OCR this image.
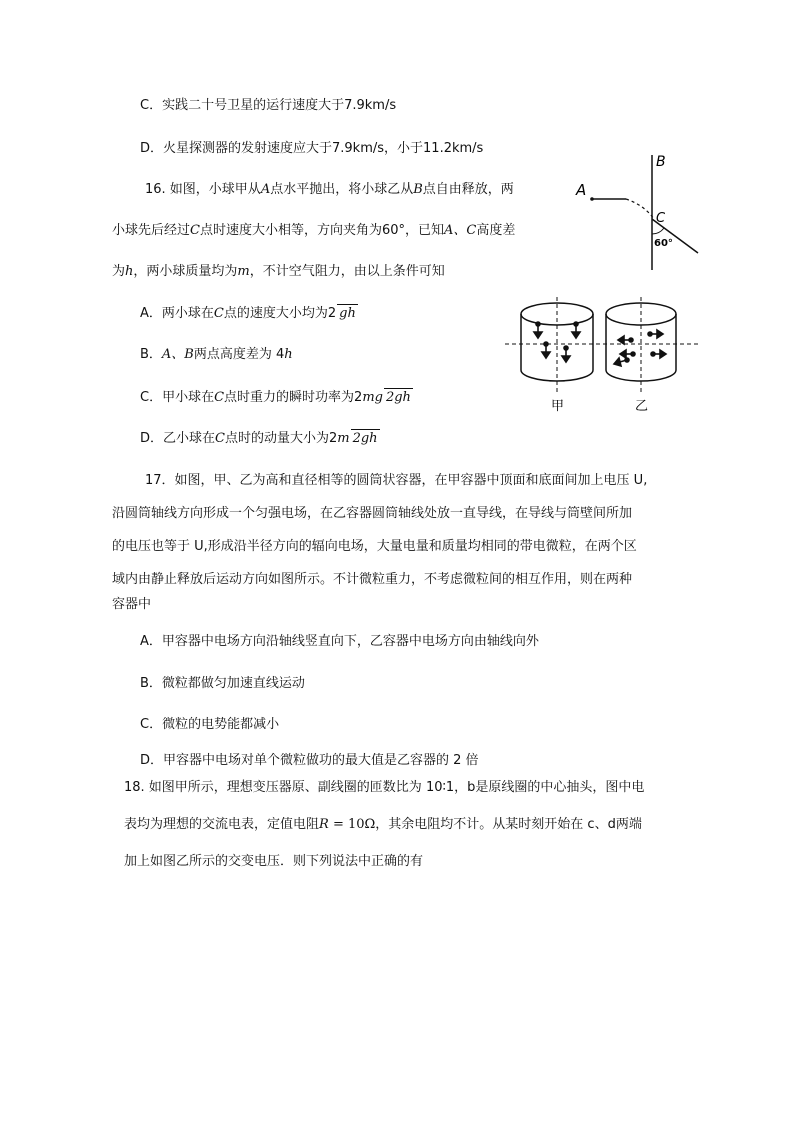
C．实践二十号卫星的运行速度大于7.9km/s
D．火星探测器的发射速度应大于7.9km/s，小于11.2km/s
16. 如图，小球甲从A点水平抛出，将小球乙从B点自由释放，两
小球先后经过C点时速度大小相等，方向夹角为60°，已知A、C高度差
为h，两小球质量均为m，不计空气阻力，由以上条件可知
A．两小球在C点的速度大小均为2 gh
B．A、B两点高度差为 4h
C．甲小球在C点时重力的瞬时功率为2mg 2gh
D．乙小球在C点时的动量大小为2m 2gh
A
B
C
60°
甲	乙
17．如图，甲、乙为高和直径相等的圆筒状容器，在甲容器中顶面和底面间加上电压 U,
沿圆筒轴线方向形成一个匀强电场，在乙容器圆筒轴线处放一直导线，在导线与筒壁间所加
的电压也等于 U,形成沿半径方向的辐向电场，大量电量和质量均相同的带电微粒，在两个区
域内由静止释放后运动方向如图所示。不计微粒重力，不考虑微粒间的相互作用，则在两种
容器中
A．甲容器中电场方向沿轴线竖直向下，乙容器中电场方向由轴线向外
B．微粒都做匀加速直线运动
C．微粒的电势能都减小
D．甲容器中电场对单个微粒做功的最大值是乙容器的 2 倍
18. 如图甲所示，理想变压器原、副线圈的匝数比为 10∶1，b是原线圈的中心抽头，图中电
表均为理想的交流电表，定值电阻R = 10Ω，其余电阻均不计。从某时刻开始在 c、d两端
加上如图乙所示的交变电压．则下列说法中正确的有
